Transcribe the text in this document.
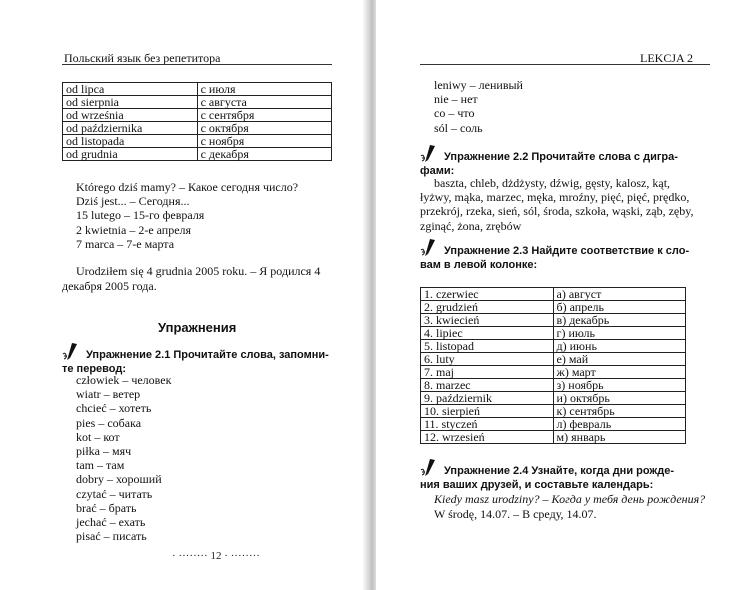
Польский язык без репетитора
od lipca	с июля
od sierpnia	с августа
od września	с сентября
od października	с октября
od listopada	с ноября
od grudnia	с декабря
Którego dziś mamy? – Какое сегодня число?
Dziś jest... – Сегодня...
15 lutego – 15-го февраля
2 kwietnia – 2-е апреля
7 marca – 7-е марта
Urodziłem się 4 grudnia 2005 roku. – Я родился 4
декабря 2005 года.
Упражнения
Упражнение 2.1 Прочитайте слова, запомни-
те перевод:
człowiek – человек
wiatr – ветер
chcieć – хотеть
pies – собака
kot – кот
piłka – мяч
tam – там
dobry – хороший
czytać – читать
brać – брать
jechać – ехать
pisać – писать
· ········ 12 · ········
LEKCJA 2
leniwy – ленивый
nie – нет
co – что
sól – соль
Упражнение 2.2 Прочитайте слова с дигра-
фами:
baszta, chleb, dżdżysty, dźwig, gęsty, kalosz, kąt,
łyżwy, mąka, marzec, męka, mroźny, pięć, pięć, prędko,
przekrój, rzeka, sień, sól, środa, szkoła, wąski, ząb, zęby,
zginąć, żona, zrębów
Упражнение 2.3 Найдите соответствие к сло-
вам в левой колонке:
1. czerwiec	а) август
2. grudzień	б) апрель
3. kwiecień	в) декабрь
4. lipiec	г) июль
5. listopad	д) июнь
6. luty	е) май
7. maj	ж) март
8. marzec	з) ноябрь
9. październik	и) октябрь
10. sierpień	к) сентябрь
11. styczeń	л) февраль
12. wrzesień	м) январь
Упражнение 2.4 Узнайте, когда дни рожде-
ния ваших друзей, и составьте календарь:
Kiedy masz urodziny? – Когда у тебя день рождения?
W środę, 14.07. – В среду, 14.07.
